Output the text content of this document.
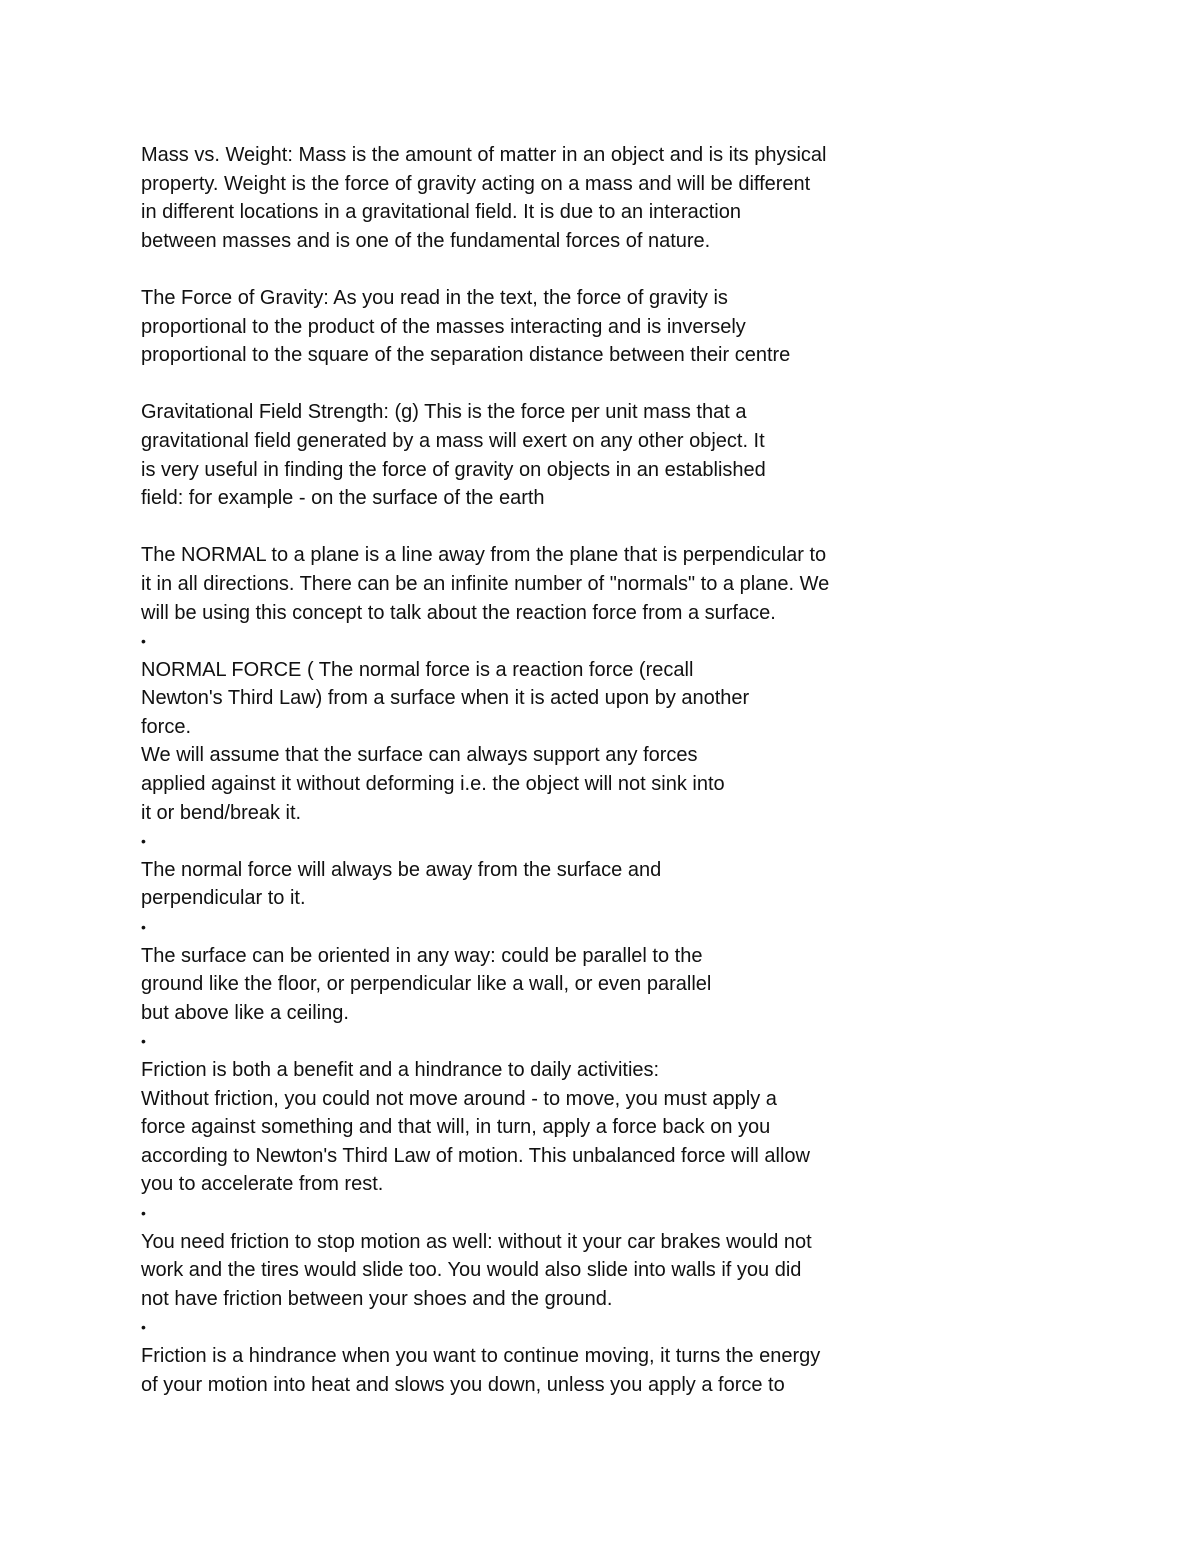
Mass vs. Weight: Mass is the amount of matter in an object and is its physical
property. Weight is the force of gravity acting on a mass and will be different
in different locations in a gravitational field. It is due to an interaction
between masses and is one of the fundamental forces of nature.
The Force of Gravity: As you read in the text, the force of gravity is
proportional to the product of the masses interacting and is inversely
proportional to the square of the separation distance between their centre
Gravitational Field Strength: (g) This is the force per unit mass that a
gravitational field generated by a mass will exert on any other object. It
is very useful in finding the force of gravity on objects in an established
field: for example - on the surface of the earth
The NORMAL to a plane is a line away from the plane that is perpendicular to
it in all directions. There can be an infinite number of "normals" to a plane. We
will be using this concept to talk about the reaction force from a surface.
•
NORMAL FORCE ( The normal force is a reaction force (recall
Newton's Third Law) from a surface when it is acted upon by another
force.
We will assume that the surface can always support any forces
applied against it without deforming i.e. the object will not sink into
it or bend/break it.
•
The normal force will always be away from the surface and
perpendicular to it.
•
The surface can be oriented in any way: could be parallel to the
ground like the floor, or perpendicular like a wall, or even parallel
but above like a ceiling.
•
Friction is both a benefit and a hindrance to daily activities:
Without friction, you could not move around - to move, you must apply a
force against something and that will, in turn, apply a force back on you
according to Newton's Third Law of motion. This unbalanced force will allow
you to accelerate from rest.
•
You need friction to stop motion as well: without it your car brakes would not
work and the tires would slide too. You would also slide into walls if you did
not have friction between your shoes and the ground.
•
Friction is a hindrance when you want to continue moving, it turns the energy
of your motion into heat and slows you down, unless you apply a force to
